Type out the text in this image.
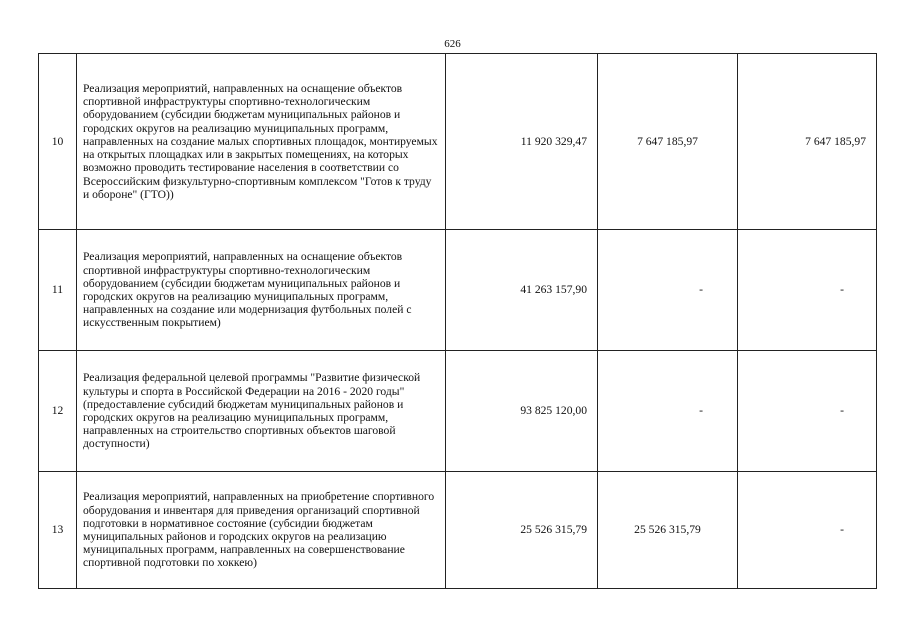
626
10	Реализация мероприятий, направленных на оснащение объектов спортивной инфраструктуры спортивно-технологическим оборудованием (субсидии бюджетам муниципальных районов и городских округов на реализацию муниципальных программ, направленных на создание малых спортивных площадок, монтируемых на открытых площадках или в закрытых помещениях, на которых возможно проводить тестирование населения в соответствии со Всероссийским физкультурно-спортивным комплексом "Готов к труду и обороне" (ГТО))	11 920 329,47	7 647 185,97	7 647 185,97
11	Реализация мероприятий, направленных на оснащение объектов спортивной инфраструктуры спортивно-технологическим оборудованием (субсидии бюджетам муниципальных районов и городских округов на реализацию муниципальных программ, направленных на создание или модернизация футбольных полей с искусственным покрытием)	41 263 157,90	-	-
12	Реализация федеральной целевой программы "Развитие физической культуры и спорта в Российской Федерации на 2016 - 2020 годы" (предоставление субсидий бюджетам муниципальных районов и городских округов на реализацию муниципальных программ, направленных на строительство спортивных объектов шаговой доступности)	93 825 120,00	-	-
13	Реализация мероприятий, направленных на приобретение спортивного оборудования и инвентаря для приведения организаций спортивной подготовки в нормативное состояние (субсидии бюджетам муниципальных районов и городских округов на реализацию муниципальных программ, направленных на совершенствование спортивной подготовки по хоккею)	25 526 315,79	25 526 315,79	-
